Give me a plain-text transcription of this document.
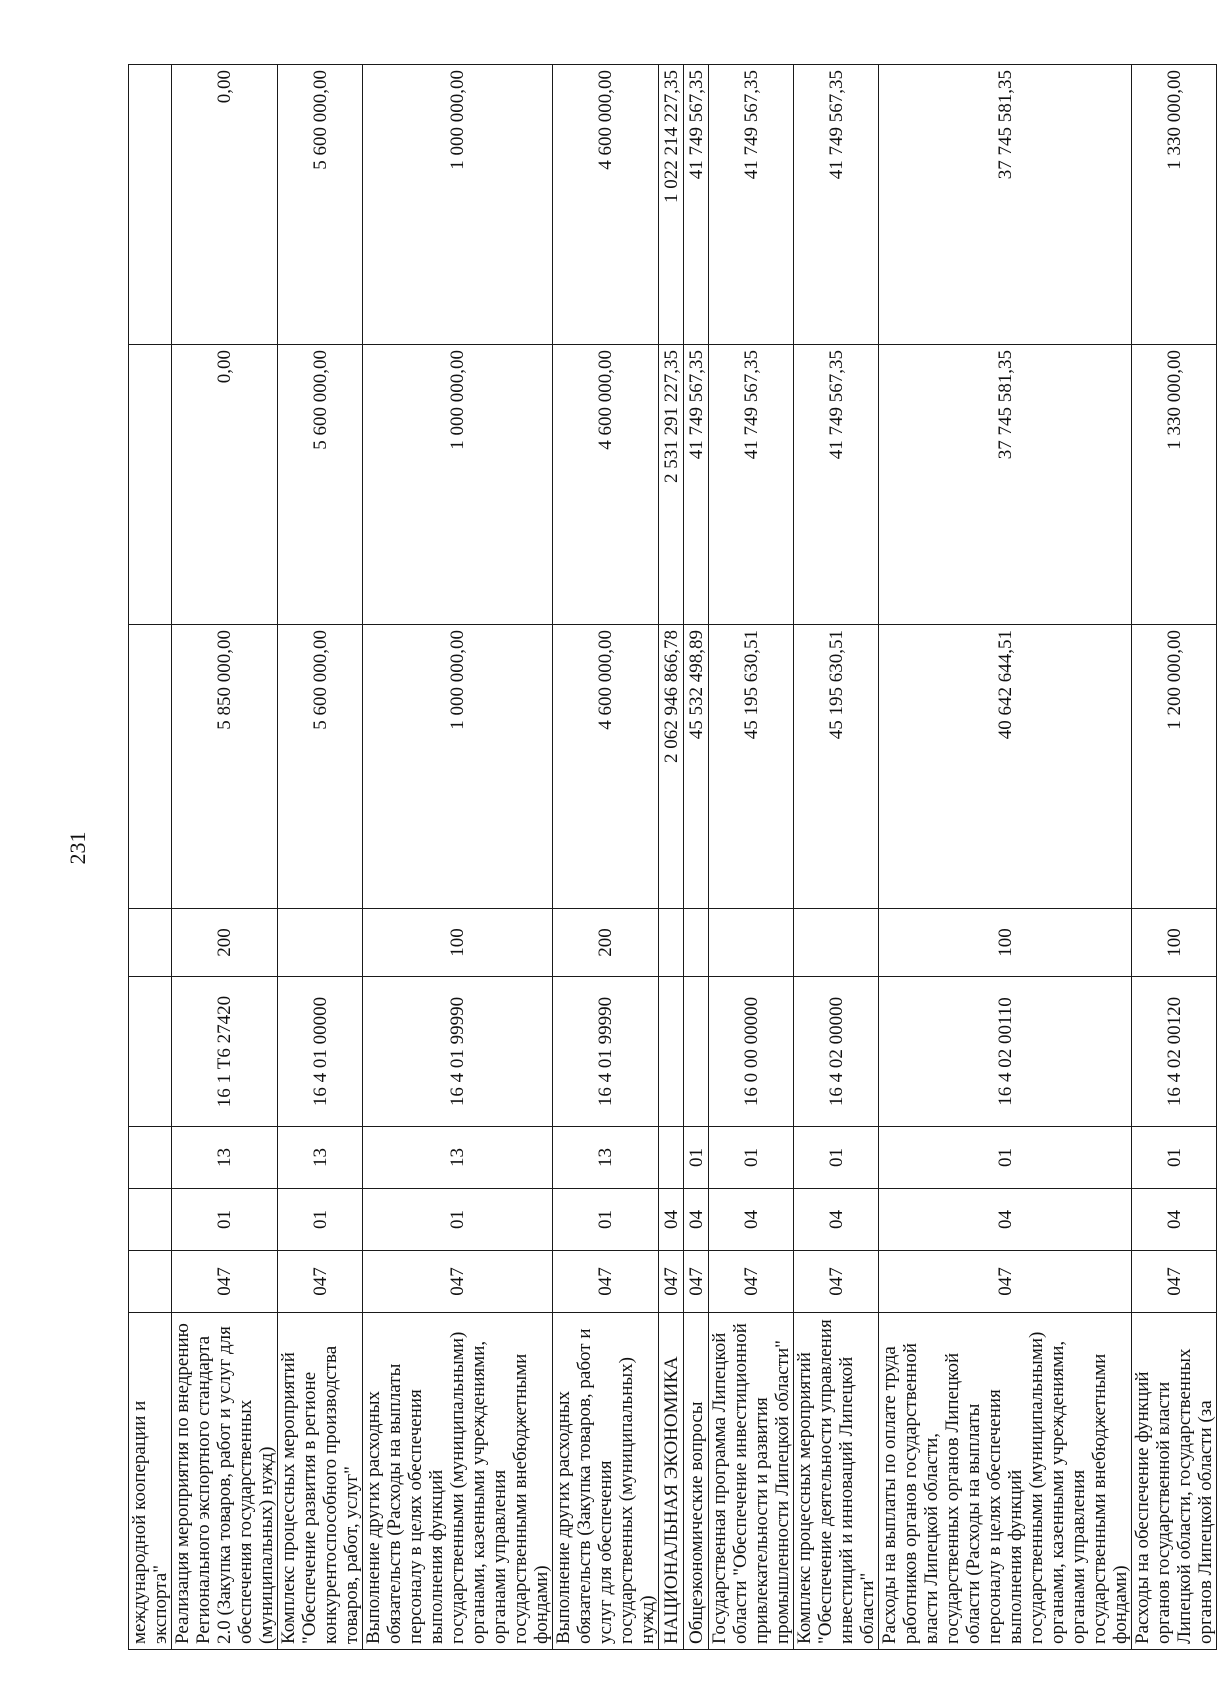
231
международной кооперации и экспорта"								
Реализация мероприятия по внедрению Регионального экспортного стандарта 2.0 (Закупка товаров, работ и услуг для обеспечения государственных (муниципальных) нужд)	047	01	13	16 1 Т6 27420	200	5 850 000,00	0,00	0,00
Комплекс процессных мероприятий "Обеспечение развития в регионе конкурентоспособного производства товаров, работ, услуг"	047	01	13	16 4 01 00000		5 600 000,00	5 600 000,00	5 600 000,00
Выполнение других расходных обязательств (Расходы на выплаты персоналу в целях обеспечения выполнения функций государственными (муниципальными) органами, казенными учреждениями, органами управления государственными внебюджетными фондами)	047	01	13	16 4 01 99990	100	1 000 000,00	1 000 000,00	1 000 000,00
Выполнение других расходных обязательств (Закупка товаров, работ и услуг для обеспечения государственных (муниципальных) нужд)	047	01	13	16 4 01 99990	200	4 600 000,00	4 600 000,00	4 600 000,00
НАЦИОНАЛЬНАЯ ЭКОНОМИКА	047	04				2 062 946 866,78	2 531 291 227,35	1 022 214 227,35
Общеэкономические вопросы	047	04	01			45 532 498,89	41 749 567,35	41 749 567,35
Государственная программа Липецкой области "Обеспечение инвестиционной привлекательности и развития промышленности Липецкой области"	047	04	01	16 0 00 00000		45 195 630,51	41 749 567,35	41 749 567,35
Комплекс процессных мероприятий "Обеспечение деятельности управления инвестиций и инноваций Липецкой области"	047	04	01	16 4 02 00000		45 195 630,51	41 749 567,35	41 749 567,35
Расходы на выплаты по оплате труда работников органов государственной власти Липецкой области, государственных органов Липецкой области (Расходы на выплаты персоналу в целях обеспечения выполнения функций государственными (муниципальными) органами, казенными учреждениями, органами управления государственными внебюджетными фондами)	047	04	01	16 4 02 00110	100	40 642 644,51	37 745 581,35	37 745 581,35
Расходы на обеспечение функций органов государственной власти Липецкой области, государственных органов Липецкой области (за	047	04	01	16 4 02 00120	100	1 200 000,00	1 330 000,00	1 330 000,00
